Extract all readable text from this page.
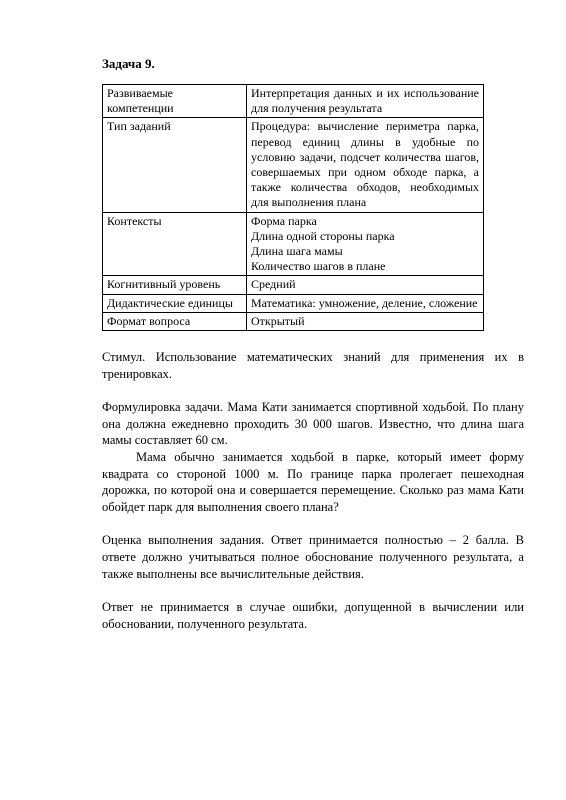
Задача 9.
Развиваемые компетенции	Интерпретация данных и их использование для получения результата
Тип заданий	Процедура: вычисление периметра парка, перевод единиц длины в удобные по условию задачи, подсчет количества шагов, совершаемых при одном обходе парка, а также количества обходов, необходимых для выполнения плана
Контексты	Форма парка
Длина одной стороны парка
Длина шага мамы
Количество шагов в плане

Когнитивный уровень	Средний
Дидактические единицы	Математика: умножение, деление, сложение
Формат вопроса	Открытый

Стимул. Использование математических знаний для применения их в тренировках.

Формулировка задачи. Мама Кати занимается спортивной ходьбой. По плану она должна ежедневно проходить 30 000 шагов. Известно, что длина шага мамы составляет 60 см.

Мама обычно занимается ходьбой в парке, который имеет форму квадрата со стороной 1000 м. По границе парка пролегает пешеходная дорожка, по которой она и совершается перемещение. Сколько раз мама Кати обойдет парк для выполнения своего плана?

Оценка выполнения задания. Ответ принимается полностью – 2 балла. В ответе должно учитываться полное обоснование полученного результата, а также выполнены все вычислительные действия.

Ответ не принимается в случае ошибки, допущенной в вычислении или обосновании, полученного результата.
